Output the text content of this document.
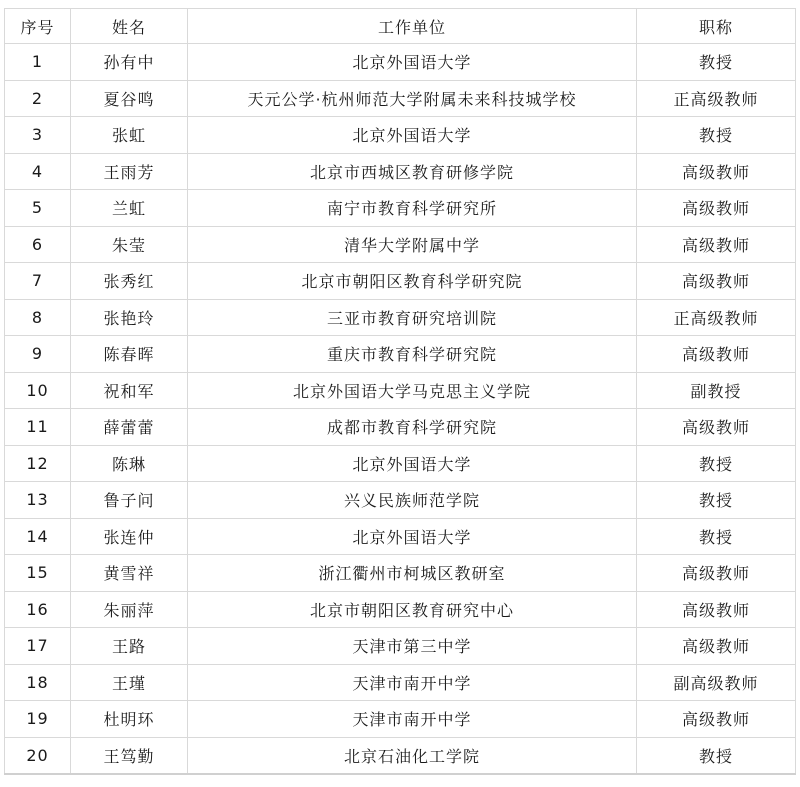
序号	姓名	工作单位	职称
1	孙有中	北京外国语大学	教授
2	夏谷鸣	天元公学·杭州师范大学附属未来科技城学校	正高级教师
3	张虹	北京外国语大学	教授
4	王雨芳	北京市西城区教育研修学院	高级教师
5	兰虹	南宁市教育科学研究所	高级教师
6	朱莹	清华大学附属中学	高级教师
7	张秀红	北京市朝阳区教育科学研究院	高级教师
8	张艳玲	三亚市教育研究培训院	正高级教师
9	陈春晖	重庆市教育科学研究院	高级教师
10	祝和军	北京外国语大学马克思主义学院	副教授
11	薛蕾蕾	成都市教育科学研究院	高级教师
12	陈琳	北京外国语大学	教授
13	鲁子问	兴义民族师范学院	教授
14	张连仲	北京外国语大学	教授
15	黄雪祥	浙江衢州市柯城区教研室	高级教师
16	朱丽萍	北京市朝阳区教育研究中心	高级教师
17	王路	天津市第三中学	高级教师
18	王瑾	天津市南开中学	副高级教师
19	杜明环	天津市南开中学	高级教师
20	王笃勤	北京石油化工学院	教授
